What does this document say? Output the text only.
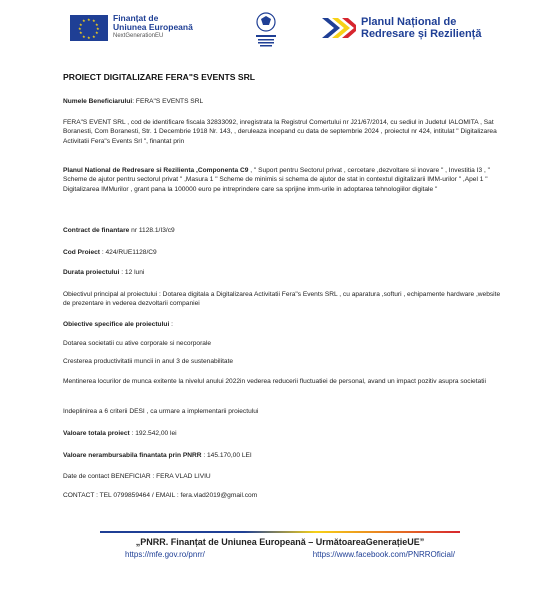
★ ★
★
★
★
★
★
★
★
★
★
★	Finanțat de
Uniunea Europeană
NextGenerationEU
Planul Național de
Redresare și Reziliență
PROIECT DIGITALIZARE FERA"S EVENTS SRL
Numele Beneficiarului: FERA"S EVENTS SRL
FERA"S EVENT SRL , cod de identificare fiscala 32833092, inregistrata la Registrul Comertului nr J21/67/2014, cu sediul in Judetul IALOMITA , Sat Boranesti, Com Boranesti, Str. 1 Decembrie 1918 Nr. 143, , deruleaza incepand cu data de septembrie 2024 , proiectul nr 424, intitulat " Digitalizarea Activitatii Fera"s Events Srl ", finantat prin
Planul National de Redresare si Rezilienta ,Componenta C9 , " Suport pentru Sectorul privat , cercetare ,dezvoltare si inovare " , Investitia I3 , " Scheme de ajutor pentru sectorul privat " ,Masura 1 " Scheme de minimis si schema de ajutor de stat in contextul digitalizarii IMM-urilor " ,Apel 1 " Digitalizarea IMMurilor , grant pana la 100000 euro pe intreprindere care sa sprijine imm-urile in adoptarea tehnologiilor digitale "
Contract de finantare nr 1128.1/I3/c9
Cod Proiect : 424/RUE1128/C9
Durata proiectului : 12 luni
Obiectivul principal al proiectului : Dotarea digitala a Digitalizarea Activitatii Fera"s Events SRL , cu aparatura ,softuri , echipamente hardware ,website de prezentare in vederea dezvoltarii companiei
Obiective specifice ale proiectului :
Dotarea societatii cu ative corporale si necorporale
Cresterea productivitatii muncii in anul 3 de sustenabilitate
Mentinerea locurilor de munca exitente la nivelul anului 2022in vederea reducerii fluctuatiei de personal, avand un impact pozitiv asupra societatii
Indeplinirea a 6 criterii DESI , ca urmare a implementarii proiectului
Valoare totala proiect : 192.542,00 lei
Valoare nerambursabila finantata prin PNRR : 145.170,00 LEI
Date de contact BENEFICIAR : FERA VLAD LIVIU
CONTACT : TEL 0799859464 / EMAIL : fera.vlad2019@gmail.com
„PNRR. Finanțat de Uniunea Europeană – UrmătoareaGenerațieUE”
https://mfe.gov.ro/pnrr/	https://www.facebook.com/PNRROficial/
